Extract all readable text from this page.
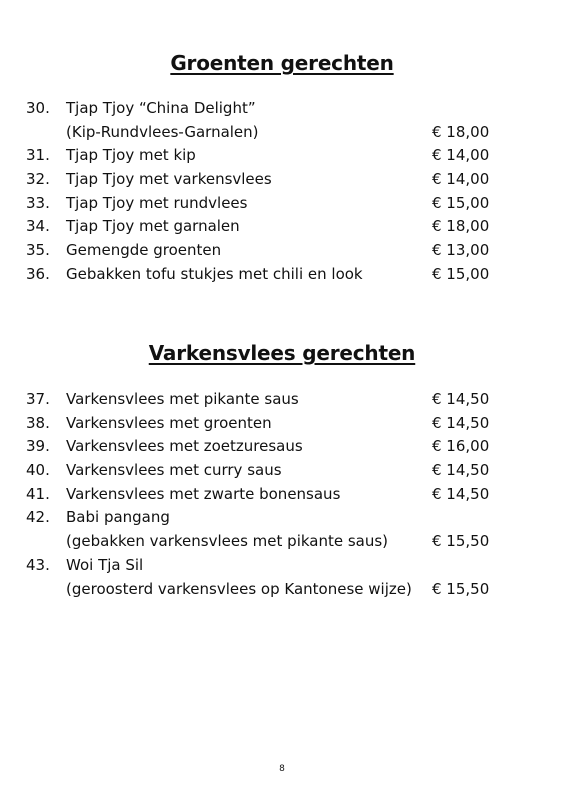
Groenten gerechten
30. Tjap Tjoy “China Delight”
(Kip-Rundvlees-Garnalen)	€ 18,00
31. Tjap Tjoy met kip	€ 14,00
32. Tjap Tjoy met varkensvlees	€ 14,00
33. Tjap Tjoy met rundvlees	€ 15,00
34. Tjap Tjoy met garnalen	€ 18,00
35. Gemengde groenten	€ 13,00
36. Gebakken tofu stukjes met chili en look	€ 15,00
Varkensvlees gerechten
37. Varkensvlees met pikante saus	€ 14,50
38. Varkensvlees met groenten	€ 14,50
39. Varkensvlees met zoetzuresaus	€ 16,00
40. Varkensvlees met curry saus	€ 14,50
41. Varkensvlees met zwarte bonensaus	€ 14,50
42. Babi pangang
(gebakken varkensvlees met pikante saus)	€ 15,50
43. Woi Tja Sil
(geroosterd varkensvlees op Kantonese wijze) € 15,50
8
